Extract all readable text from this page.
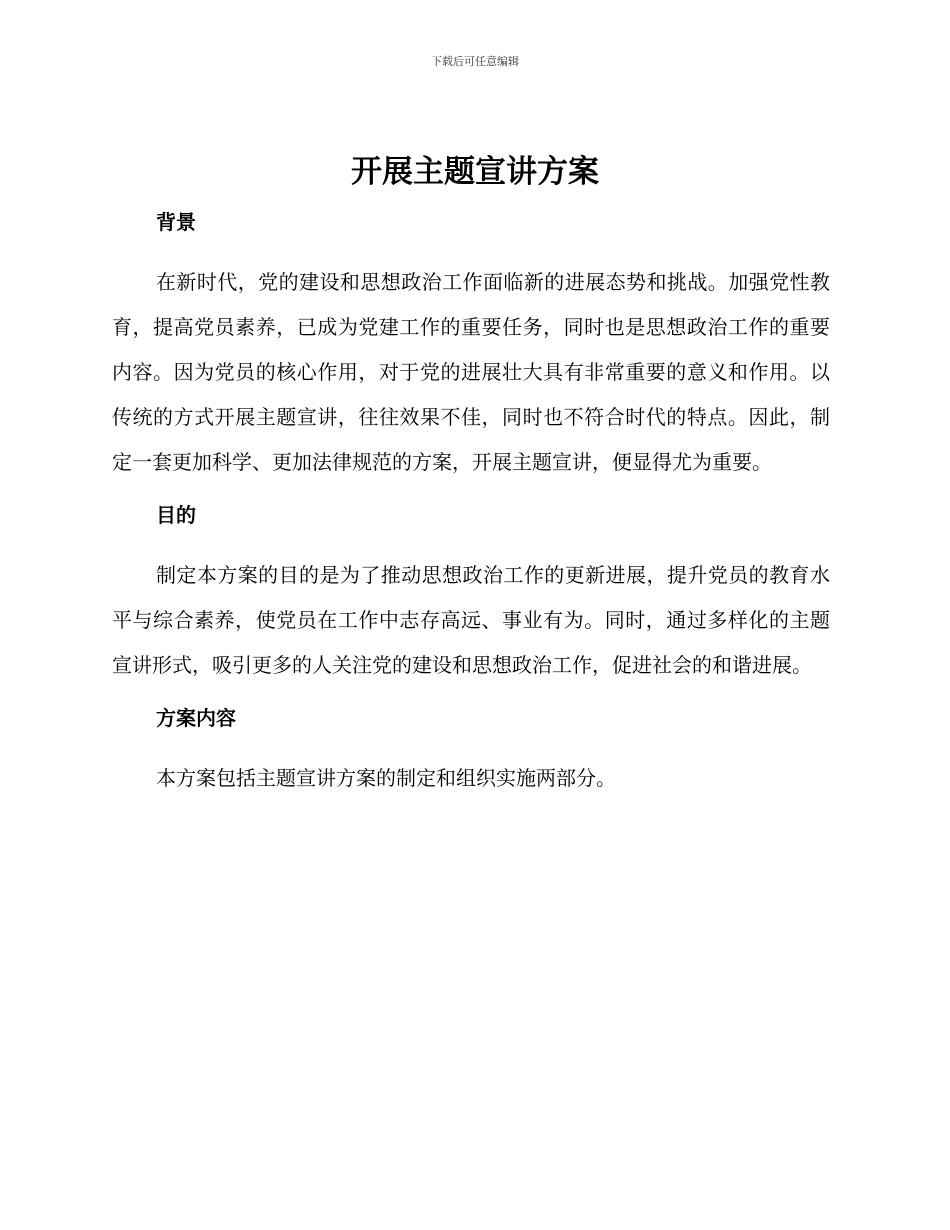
下载后可任意编辑
开展主题宣讲方案
背景

在新时代，党的建设和思想政治工作面临新的进展态势和挑战。加强党性教育，提高党员素养，已成为党建工作的重要任务，同时也是思想政治工作的重要内容。因为党员的核心作用，对于党的进展壮大具有非常重要的意义和作用。以传统的方式开展主题宣讲，往往效果不佳，同时也不符合时代的特点。因此，制定一套更加科学、更加法律规范的方案，开展主题宣讲，便显得尤为重要。

目的

制定本方案的目的是为了推动思想政治工作的更新进展，提升党员的教育水平与综合素养，使党员在工作中志存高远、事业有为。同时，通过多样化的主题宣讲形式，吸引更多的人关注党的建设和思想政治工作，促进社会的和谐进展。

方案内容

本方案包括主题宣讲方案的制定和组织实施两部分。
